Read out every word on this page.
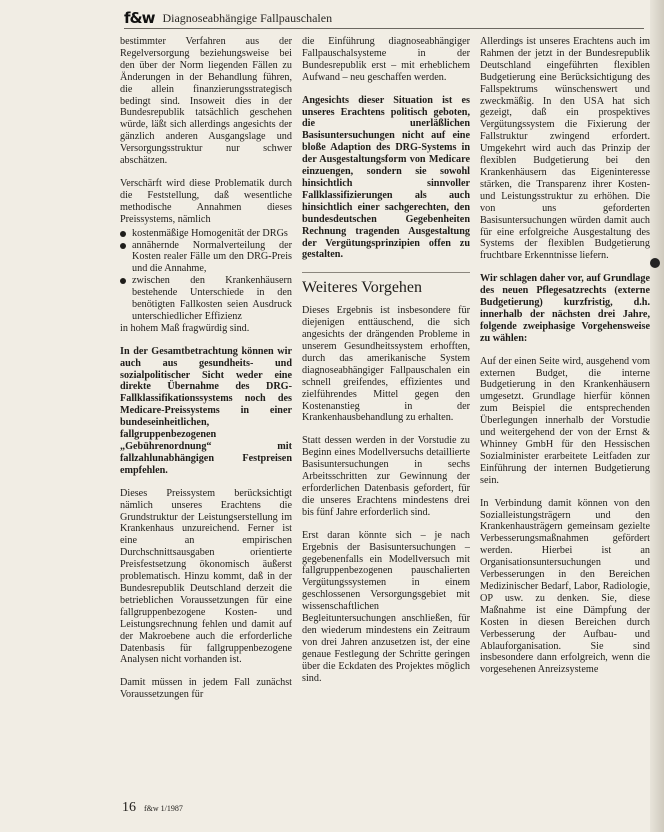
f&w Diagnoseabhängige Fallpauschalen

bestimmter Verfahren aus der Regelversorgung beziehungsweise bei den über der Norm liegenden Fällen zu Änderungen in der Behandlung führen, die allein finanzierungsstrategisch bedingt sind. Insoweit dies in der Bundesrepublik tatsächlich geschehen würde, läßt sich allerdings angesichts der gänzlich anderen Ausgangslage und Versorgungsstruktur nur schwer abschätzen.

Verschärft wird diese Problematik durch die Feststellung, daß wesentliche methodische Annahmen dieses Preissystems, nämlich

kostenmäßige Homogenität der DRGs
annähernde Normalverteilung der Kosten realer Fälle um den DRG-Preis und die Annahme,
zwischen den Krankenhäusern bestehende Unterschiede in den benötigten Fallkosten seien Ausdruck unterschiedlicher Effizienz

in hohem Maß fragwürdig sind.

In der Gesamtbetrachtung können wir auch aus gesundheits- und sozialpolitischer Sicht weder eine direkte Übernahme des DRG-Fallklassifikationssystems noch des Medicare-Preissystems in einer bundeseinheitlichen, fallgruppenbezogenen „Gebührenordnung“ mit fallzahlunabhängigen Festpreisen empfehlen.

Dieses Preissystem berücksichtigt nämlich unseres Erachtens die Grundstruktur der Leistungserstellung im Krankenhaus unzureichend. Ferner ist eine an empirischen Durchschnittsausgaben orientierte Preisfestsetzung ökonomisch äußerst problematisch. Hinzu kommt, daß in der Bundesrepublik Deutschland derzeit die betrieblichen Voraussetzungen für eine fallgruppenbezogene Kosten- und Leistungsrechnung fehlen und damit auf der Makroebene auch die erforderliche Datenbasis für fallgruppenbezogene Analysen nicht vorhanden ist.

Damit müssen in jedem Fall zunächst Voraussetzungen für

die Einführung diagnoseabhängiger Fallpauschalsysteme in der Bundesrepublik erst – mit erheblichem Aufwand – neu geschaffen werden.

Angesichts dieser Situation ist es unseres Erachtens politisch geboten, die unerläßlichen Basisuntersuchungen nicht auf eine bloße Adaption des DRG-Systems in der Ausgestaltungsform von Medicare einzuengen, sondern sie sowohl hinsichtlich sinnvoller Fallklassifizierungen als auch hinsichtlich einer sachgerechten, den bundesdeutschen Gegebenheiten Rechnung tragenden Ausgestaltung der Vergütungsprinzipien offen zu gestalten.

Weiteres Vorgehen

Dieses Ergebnis ist insbesondere für diejenigen enttäuschend, die sich angesichts der drängenden Probleme in unserem Gesundheitssystem erhofften, durch das amerikanische System diagnoseabhängiger Fallpauschalen ein schnell greifendes, effizientes und zielführendes Mittel gegen den Kostenanstieg in der Krankenhausbehandlung zu erhalten.

Statt dessen werden in der Vorstudie zu Beginn eines Modellversuchs detaillierte Basisuntersuchungen in sechs Arbeitsschritten zur Gewinnung der erforderlichen Datenbasis gefordert, für die unseres Erachtens mindestens drei bis fünf Jahre erforderlich sind.

Erst daran könnte sich – je nach Ergebnis der Basisuntersuchungen – gegebenenfalls ein Modellversuch mit fallgruppenbezogenen pauschalierten Vergütungssystemen in einem geschlossenen Versorgungsgebiet mit wissenschaftlichen Begleituntersuchungen anschließen, für den wiederum mindestens ein Zeitraum von drei Jahren anzusetzen ist, der eine genaue Festlegung der Schritte geringen über die Eckdaten des Projektes möglich sind.

Allerdings ist unseres Erachtens auch im Rahmen der jetzt in der Bundesrepublik Deutschland eingeführten flexiblen Budgetierung eine Berücksichtigung des Fallspektrums wünschenswert und zweckmäßig. In den USA hat sich gezeigt, daß ein prospektives Vergütungssystem die Fixierung der Fallstruktur zwingend erfordert. Umgekehrt wird auch das Prinzip der flexiblen Budgetierung bei den Krankenhäusern das Eigeninteresse stärken, die Transparenz ihrer Kosten- und Leistungsstruktur zu erhöhen. Die von uns geforderten Basisuntersuchungen würden damit auch für eine erfolgreiche Ausgestaltung des Systems der flexiblen Budgetierung fruchtbare Erkenntnisse liefern.

Wir schlagen daher vor, auf Grundlage des neuen Pflegesatzrechts (externe Budgetierung) kurzfristig, d.h. innerhalb der nächsten drei Jahre, folgende zweiphasige Vorgehensweise zu wählen:

Auf der einen Seite wird, ausgehend vom externen Budget, die interne Budgetierung in den Krankenhäusern umgesetzt. Grundlage hierfür können zum Beispiel die entsprechenden Überlegungen innerhalb der Vorstudie und weitergehend der von der Ernst & Whinney GmbH für den Hessischen Sozialminister erarbeitete Leitfaden zur Einführung der internen Budgetierung sein.

In Verbindung damit können von den Sozialleistungsträgern und den Krankenhausträgern gemeinsam gezielte Verbesserungsmaßnahmen gefördert werden. Hierbei ist an Organisationsuntersuchungen und Verbesserungen in den Bereichen Medizinischer Bedarf, Labor, Radiologie, OP usw. zu denken. Sie, diese Maßnahme ist eine Dämpfung der Kosten in diesen Bereichen durch Verbesserung der Aufbau- und Ablauforganisation. Sie sind insbesondere dann erfolgreich, wenn die vorgesehenen Anreizsysteme

16 f&w 1/1987
